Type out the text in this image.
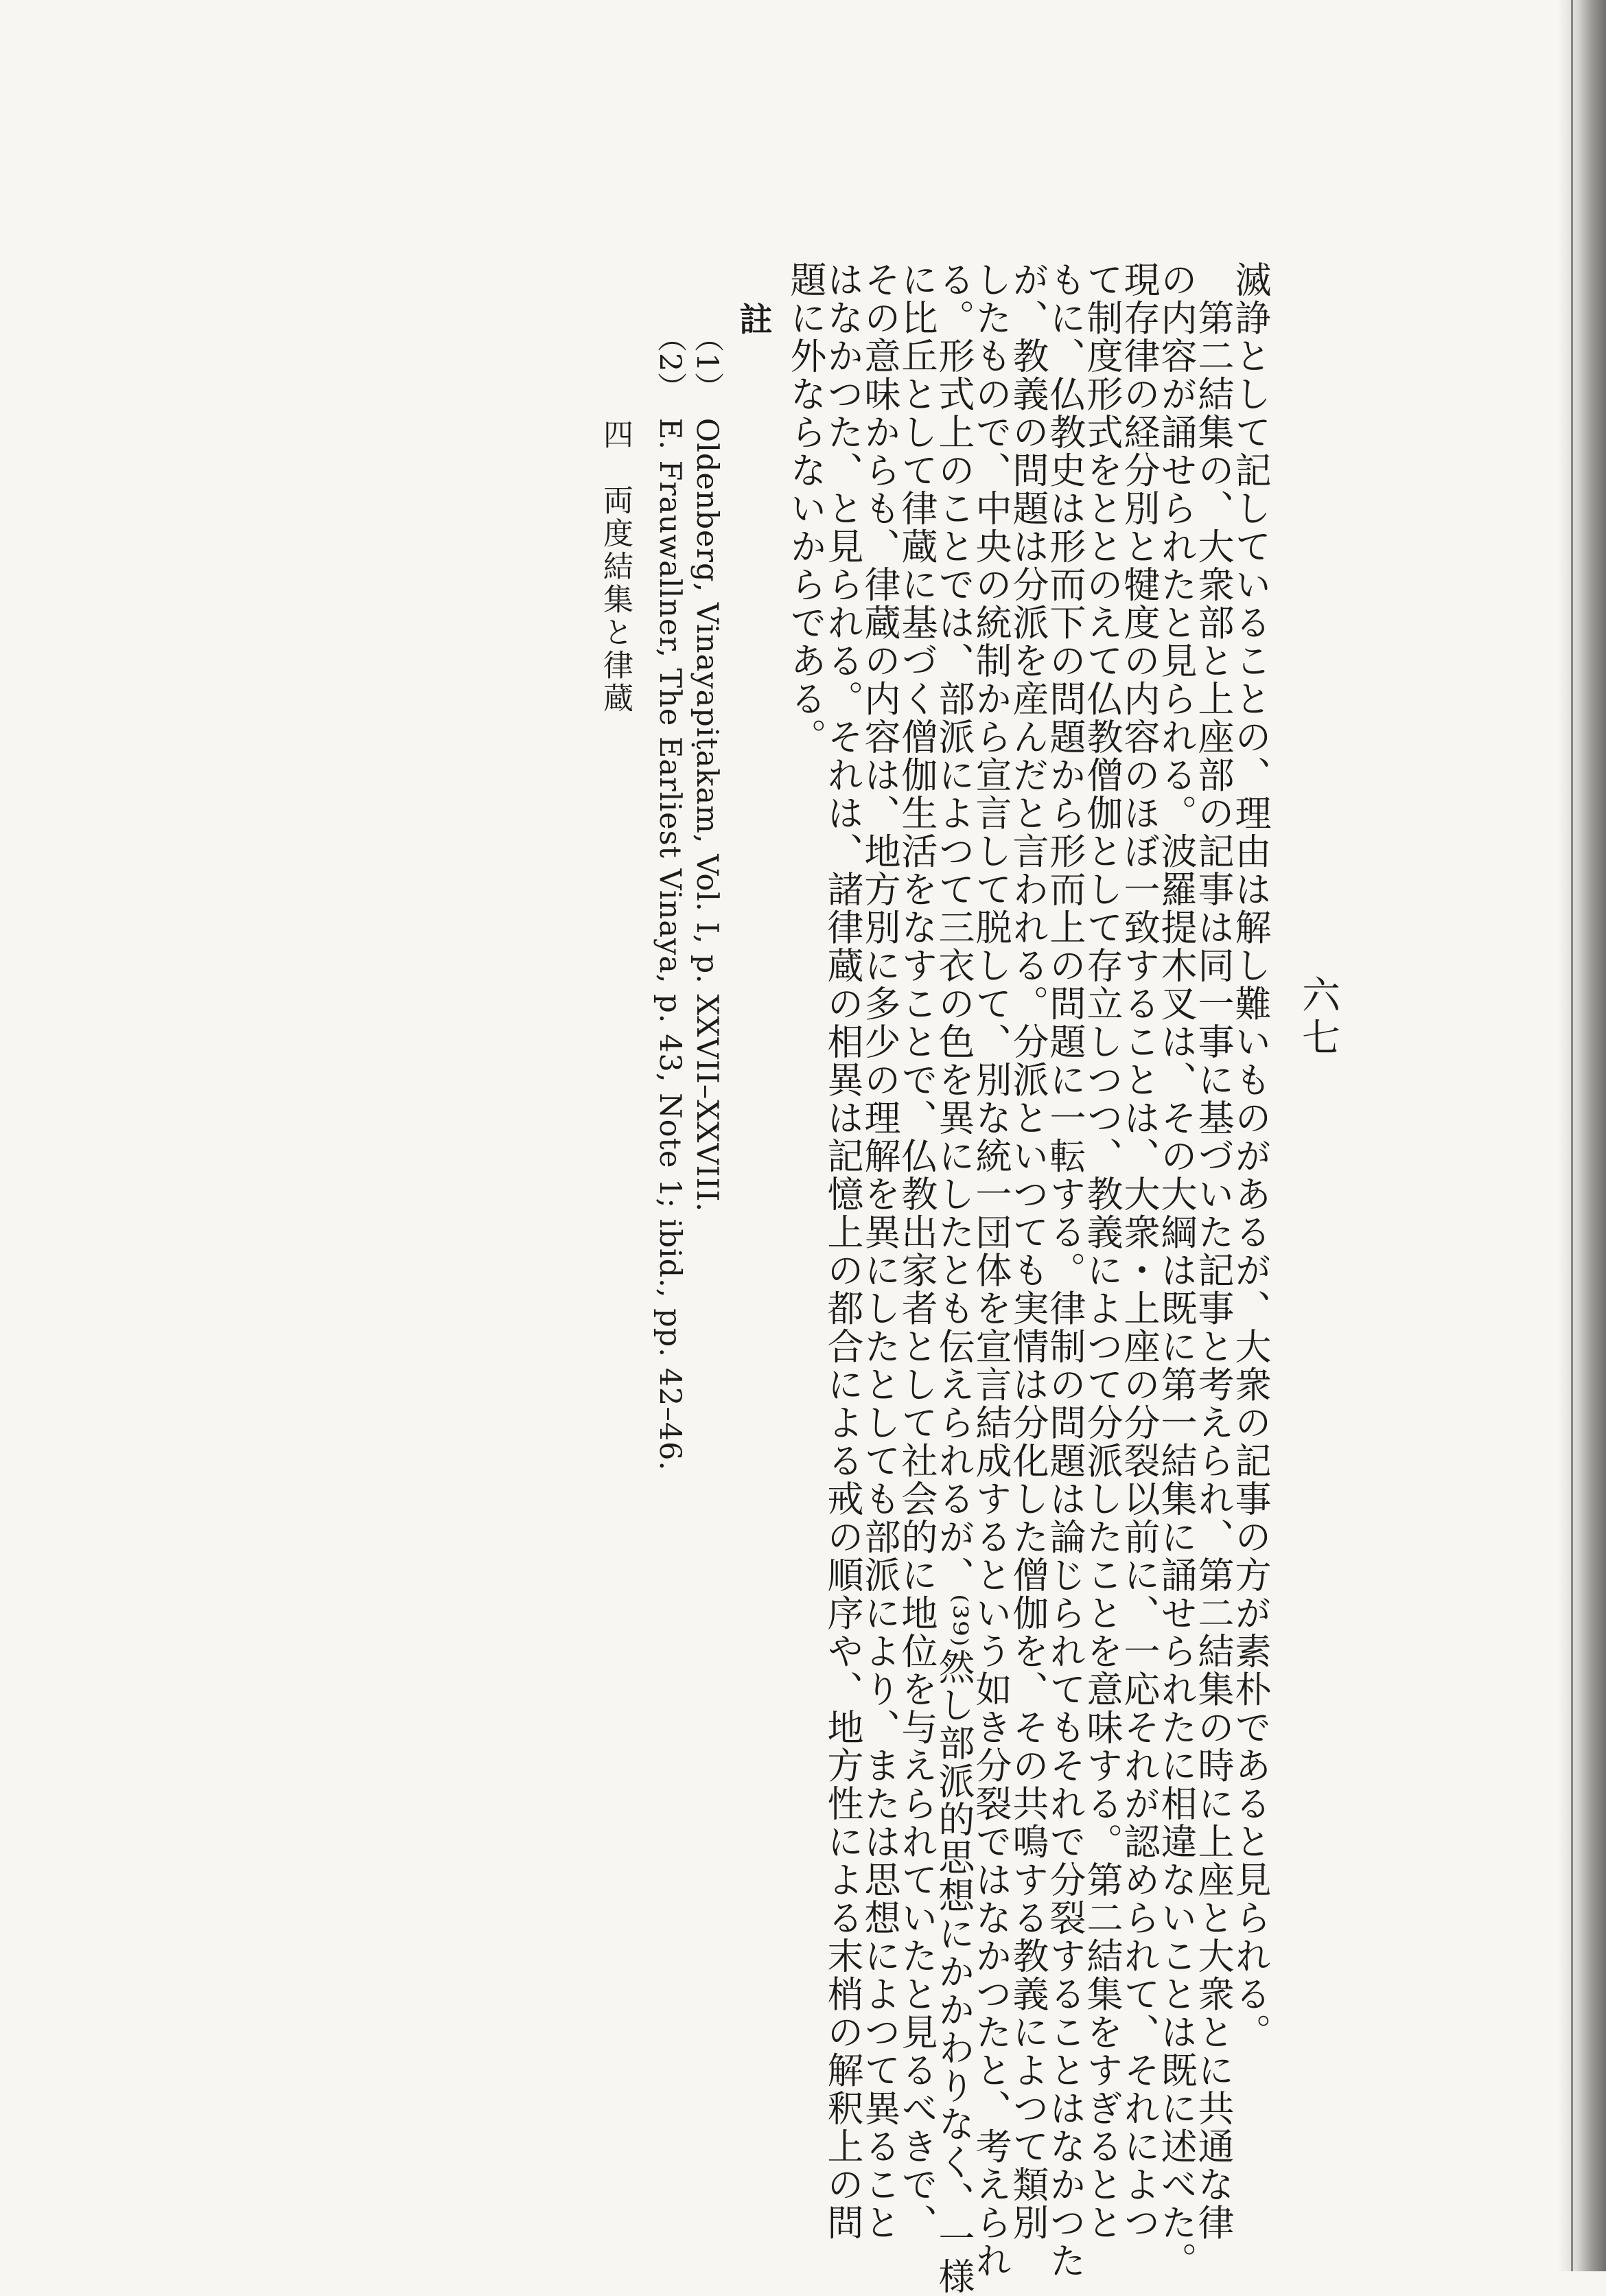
六七
滅諍として記していることの、理由は解し難いものがあるが、大衆の記事の方が素朴であると見られる。
　第二結集の、大衆部と上座部の記事は同一事に基づいた記事と考えられ、第二結集の時に上座と大衆とに共通な律
の内容が誦せられたと見られる。波羅提木叉は、その大綱は既に第一結集に誦せられたに相違ないことは既に述べた。
現存律の経分別と犍度の内容のほぼ一致することは、大衆・上座の分裂以前に、一応それが認められて、それによつ
て制度形式をととのえて仏教僧伽として存立しつつ、教義によつて分派したことを意味する。第二結集をすぎるとと
もに、仏教史は形而下の問題から形而上の問題に一転する。律制の問題は論じられてもそれで分裂することはなかつた
が、教義の問題は分派を産んだと言われる。分派といつても実情は分化した僧伽を、その共鳴する教義によつて類別
したもので、中央の統制から宣言して脱して、別な統一団体を宣言結成するという如き分裂ではなかつたと、考えられ
る。形式上のことでは、部派によつて三衣の色を異にしたとも伝えられるが、⁽³⁹⁾然し部派的思想にかかわりなく、一様
に比丘として律蔵に基づく僧伽生活をなすことで、仏教出家者として社会的に地位を与えられていたと見るべきで、
その意味からも、律蔵の内容は、地方別に多少の理解を異にしたとしても部派により、または思想によつて異ること
はなかつた、と見られる。それは、諸律蔵の相異は記憶上の都合による戒の順序や、地方性による末梢の解釈上の問
題に外ならないからである。
註
（1）　Oldenberg, Vinayapiṭakam, Vol. I, p. XXVII–XXVIII.
（2）　E. Frauwallner, The Earliest Vinaya, p. 43, Note 1; ibid., pp. 42–46.
四　両度結集と律蔵
